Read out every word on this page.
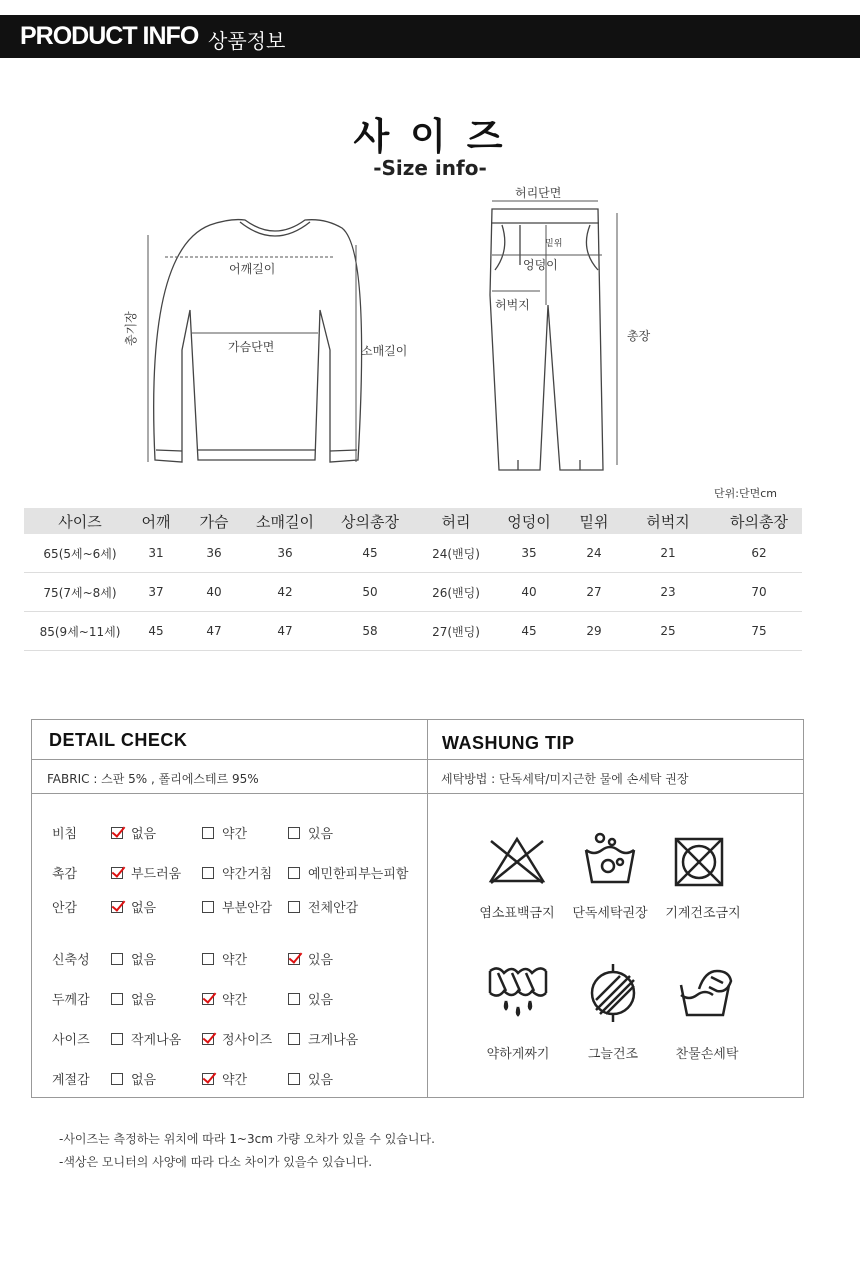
PRODUCT INFO 상품정보
사 이 즈
-Size info-
어깨길이
가슴단면	소매길이
총기장
허리단면
밑위
엉덩이
허벅지
총장
단위:단면cm
사이즈	어깨	가슴	소매길이	상의총장	허리	엉덩이	밑위	허벅지	하의총장
65(5세~6세)	31	36	36	45	24(밴딩)	35	24	21	62
75(7세~8세)	37	40	42	50	26(밴딩)	40	27	23	70
85(9세~11세)	45	47	47	58	27(밴딩)	45	29	25	75
DETAIL CHECK	WASHUNG TIP
FABRIC : 스판 5% , 폴리에스테르 95%	세탁방법 : 단독세탁/미지근한 물에 손세탁 권장
염소표백금지	단독세탁권장	기계건조금지
약하게짜기	그늘건조	찬물손세탁
비침	없음	약간	있음
촉감	부드러움	약간거침	예민한피부는피함
안감	없음	부분안감	전체안감
신축성	없음	약간	있음
두께감	없음	약간	있음
사이즈	작게나옴	정사이즈	크게나옴
계절감	없음	약간	있음
-사이즈는 측정하는 위치에 따라 1~3cm 가량 오차가 있을 수 있습니다.
-색상은 모니터의 사양에 따라 다소 차이가 있을수 있습니다.
